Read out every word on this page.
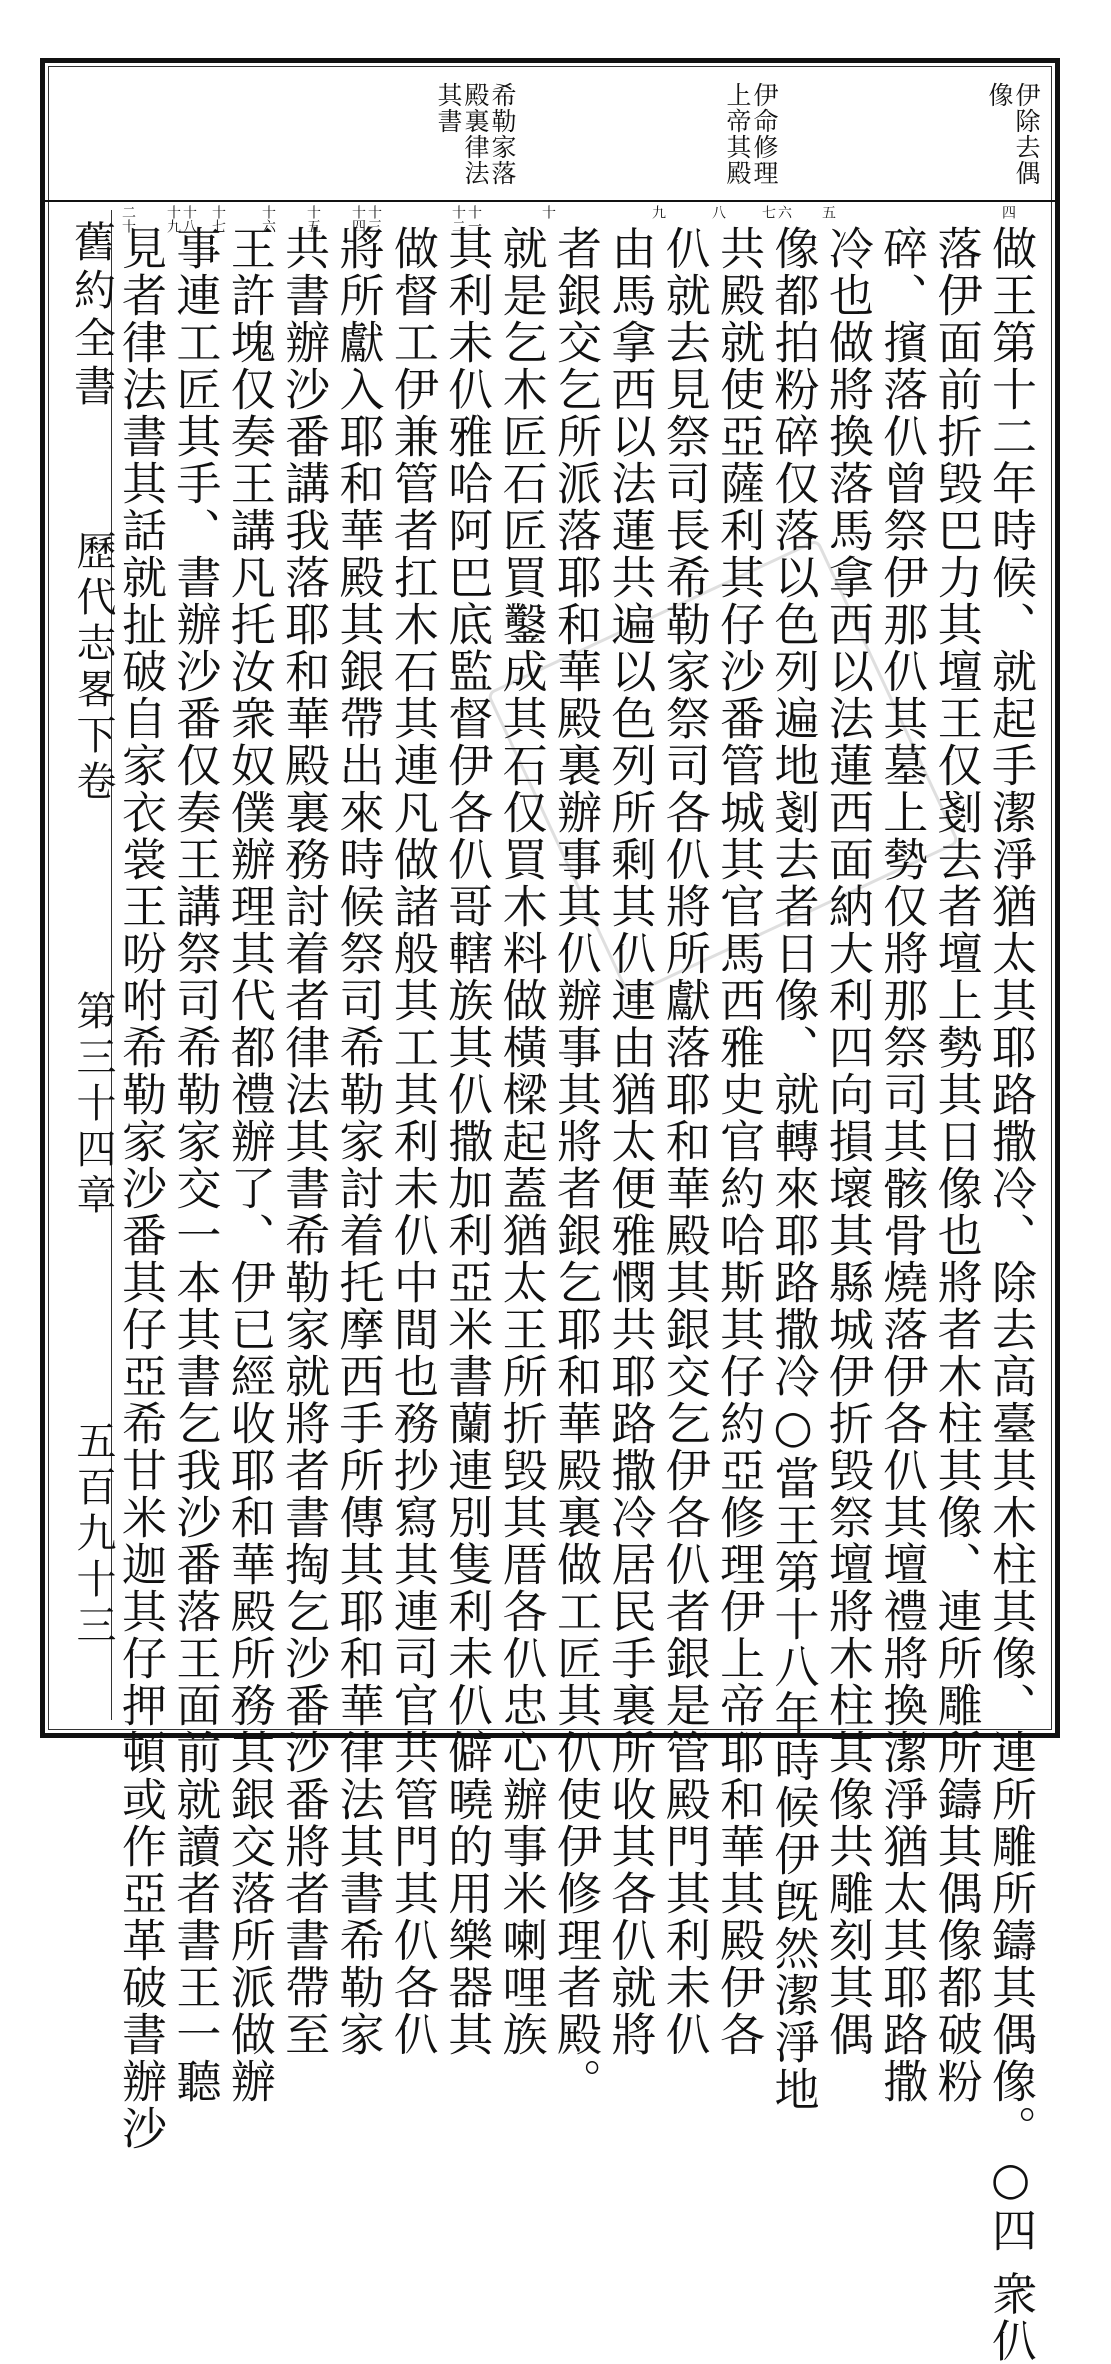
伊除去偶像
伊命修理上帝其殿
希勒家落殿裏律法其書
四
五
六 七
八
九
十
十一 十二
十三 十四
十五
十六
十七
十八 十九
二十
做王第十二年時候、就起手潔淨猶太其耶路撒冷、除去高臺其木柱其像、連所雕所鑄其偶像。○四 衆仈
落伊面前折毁巴力其壇王仅剗去者壇上勢其日像也將者木柱其像、連所雕所鑄其偶像都破粉
碎、擯落仈曾祭伊那仈其墓上勢仅將那祭司其骸骨燒落伊各仈其壇禮將換潔淨猶太其耶路撒
冷也做將換落馬拿西以法蓮西面納大利四向損壞其縣城伊折毁祭壇將木柱其像共雕刻其偶
像都拍粉碎仅落以色列遍地剗去者日像、就轉來耶路撒冷○當王第十八年時候伊旣然潔淨地
共殿就使亞薩利其仔沙番管城其官馬西雅史官約哈斯其仔約亞修理伊上帝耶和華其殿伊各
仈就去見祭司長希勒家祭司各仈將所獻落耶和華殿其銀交乞伊各仈者銀是管殿門其利未仈
由馬拿西以法蓮共遍以色列所剩其仈連由猶太便雅憫共耶路撒冷居民手裏所收其各仈就將
者銀交乞所派落耶和華殿裏辦事其仈辦事其將者銀乞耶和華殿裏做工匠其仈使伊修理者殿。
就是乞木匠石匠買鑿成其石仅買木料做橫樑起蓋猶太王所折毁其厝各仈忠心辦事米喇哩族
其利未仈雅哈阿巴底監督伊各仈哥轄族其仈撒加利亞米書蘭連別隻利未仈僻曉的用樂器其
做督工伊兼管者扛木石其連凡做諸般其工其利未仈中間也務抄寫其連司官共管門其仈各仈
將所獻入耶和華殿其銀帶出來時候祭司希勒家討着托摩西手所傳其耶和華律法其書希勒家
共書辦沙番講我落耶和華殿裏務討着者律法其書希勒家就將者書掏乞沙番沙番將者書帶至
王許塊仅奏王講凡托汝衆奴僕辦理其代都禮辦了、伊已經收耶和華殿所務其銀交落所派做辦
事連工匠其手、書辦沙番仅奏王講祭司希勒家交一本其書乞我沙番落王面前就讀者書王一聽
見者律法書其話就扯破自家衣裳王吩咐希勒家沙番其仔亞希甘米迦其仔押頓或作亞革破書辦沙
舊約全書
歷代志畧下卷
第三十四章
五百九十三
